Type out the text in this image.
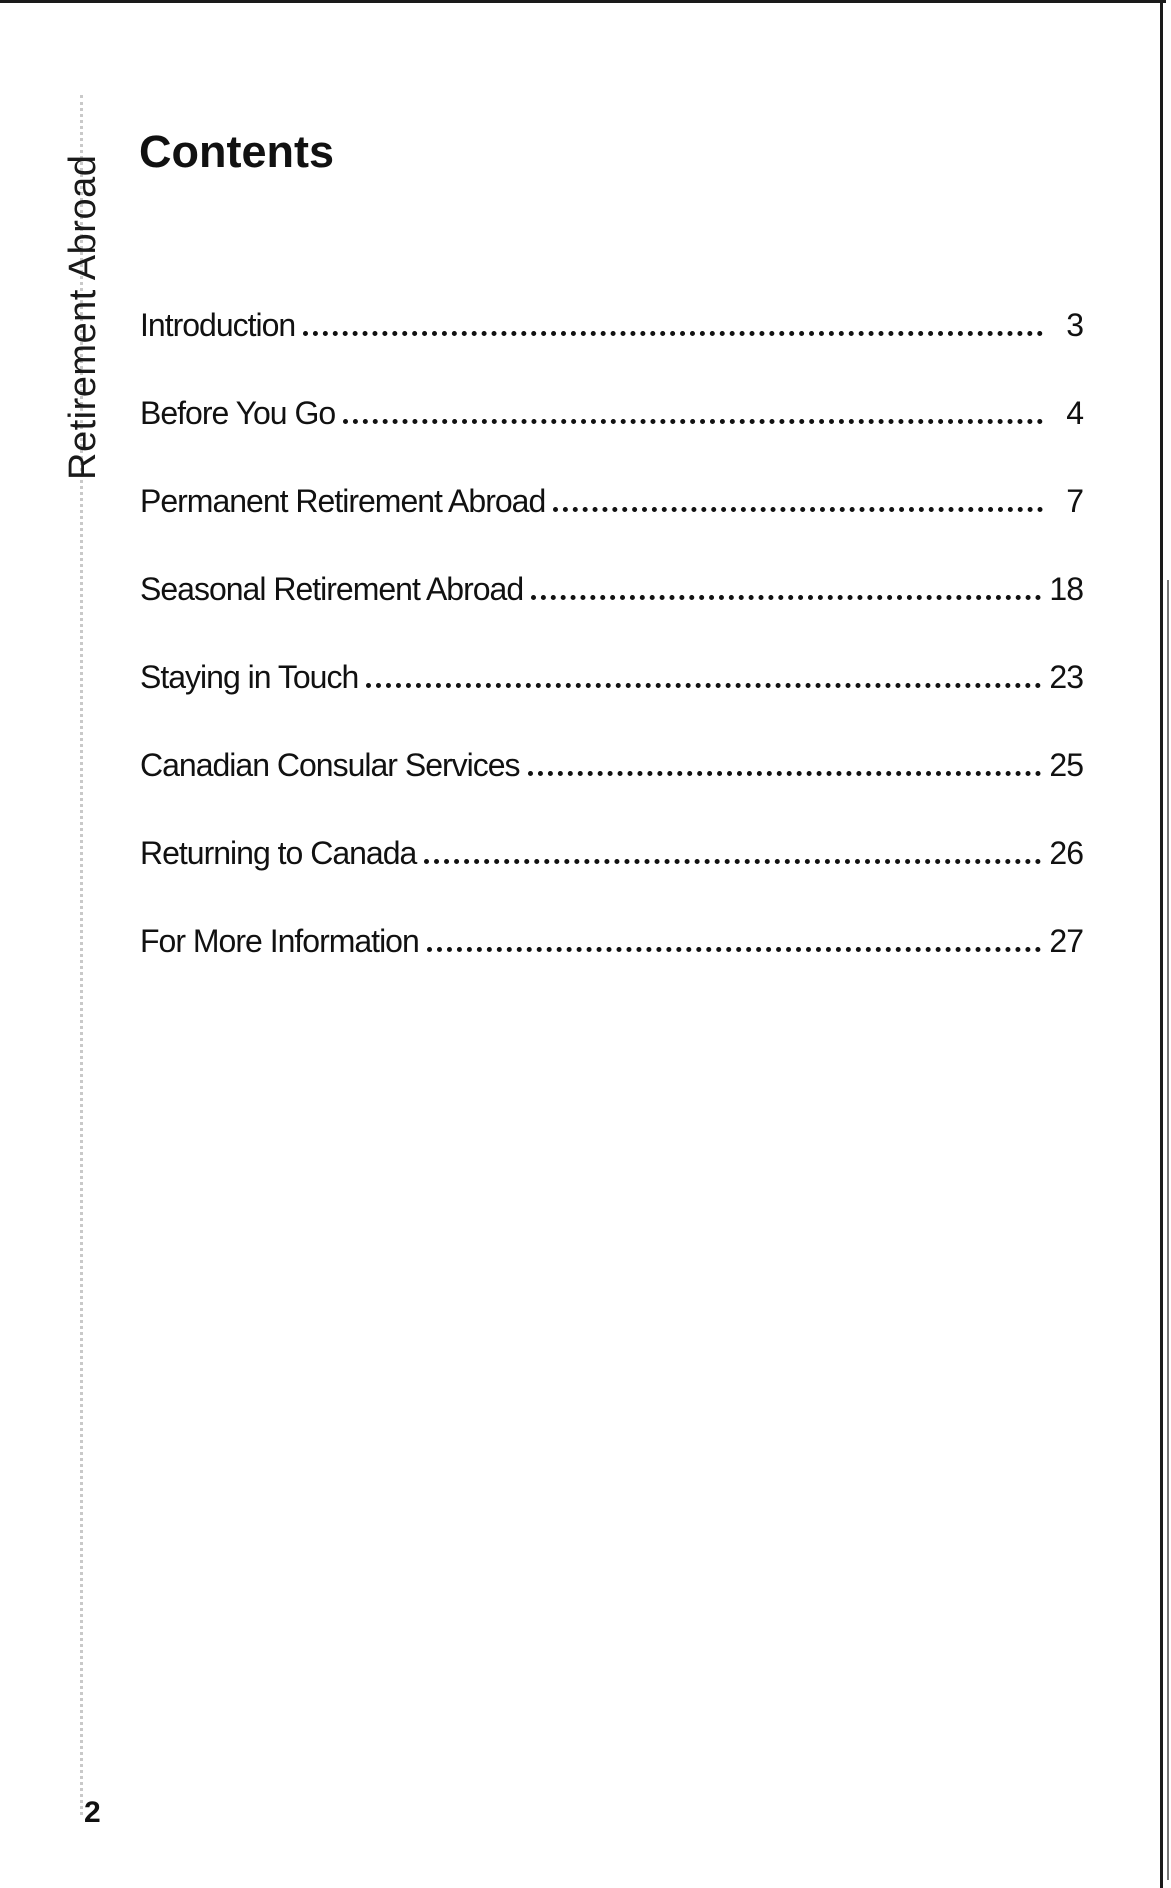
Retirement Abroad
Contents
Introduction	3
Before You Go	4
Permanent Retirement Abroad	7
Seasonal Retirement Abroad	18
Staying in Touch	23
Canadian Consular Services	25
Returning to Canada	26
For More Information	27
2
